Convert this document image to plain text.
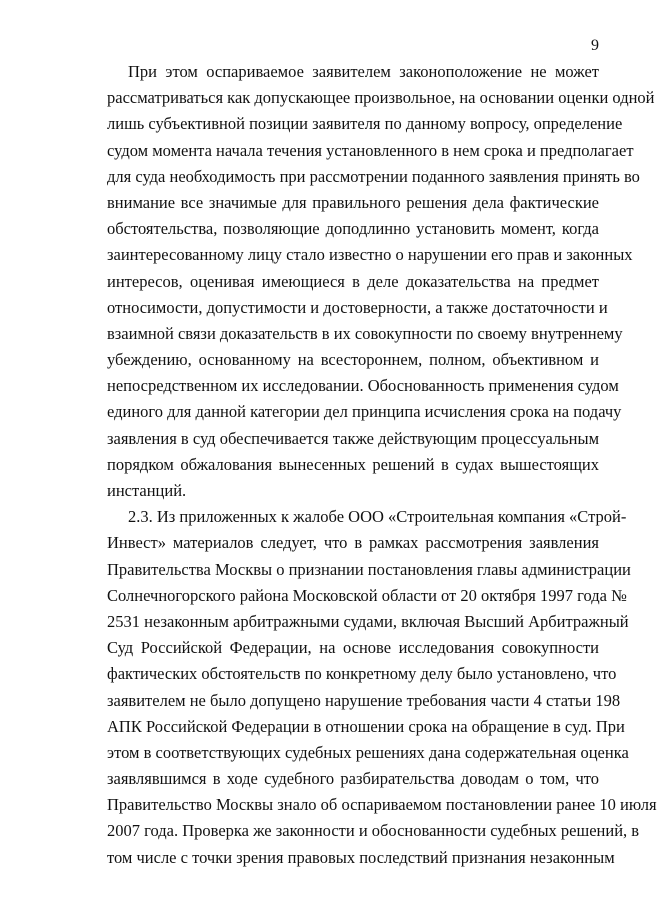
9
При этом оспариваемое заявителем законоположение не может
рассматриваться как допускающее произвольное, на основании оценки одной
лишь субъективной позиции заявителя по данному вопросу, определение
судом момента начала течения установленного в нем срока и предполагает
для суда необходимость при рассмотрении поданного заявления принять во
внимание все значимые для правильного решения дела фактические
обстоятельства, позволяющие доподлинно установить момент, когда
заинтересованному лицу стало известно о нарушении его прав и законных
интересов, оценивая имеющиеся в деле доказательства на предмет
относимости, допустимости и достоверности, а также достаточности и
взаимной связи доказательств в их совокупности по своему внутреннему
убеждению, основанному на всестороннем, полном, объективном и
непосредственном их исследовании. Обоснованность применения судом
единого для данной категории дел принципа исчисления срока на подачу
заявления в суд обеспечивается также действующим процессуальным
порядком обжалования вынесенных решений в судах вышестоящих
инстанций.
2.3. Из приложенных к жалобе ООО «Строительная компания «Строй-
Инвест» материалов следует, что в рамках рассмотрения заявления
Правительства Москвы о признании постановления главы администрации
Солнечногорского района Московской области от 20 октября 1997 года №
2531 незаконным арбитражными судами, включая Высший Арбитражный
Суд Российской Федерации, на основе исследования совокупности
фактических обстоятельств по конкретному делу было установлено, что
заявителем не было допущено нарушение требования части 4 статьи 198
АПК Российской Федерации в отношении срока на обращение в суд. При
этом в соответствующих судебных решениях дана содержательная оценка
заявлявшимся в ходе судебного разбирательства доводам о том, что
Правительство Москвы знало об оспариваемом постановлении ранее 10 июля
2007 года. Проверка же законности и обоснованности судебных решений, в
том числе с точки зрения правовых последствий признания незаконным
